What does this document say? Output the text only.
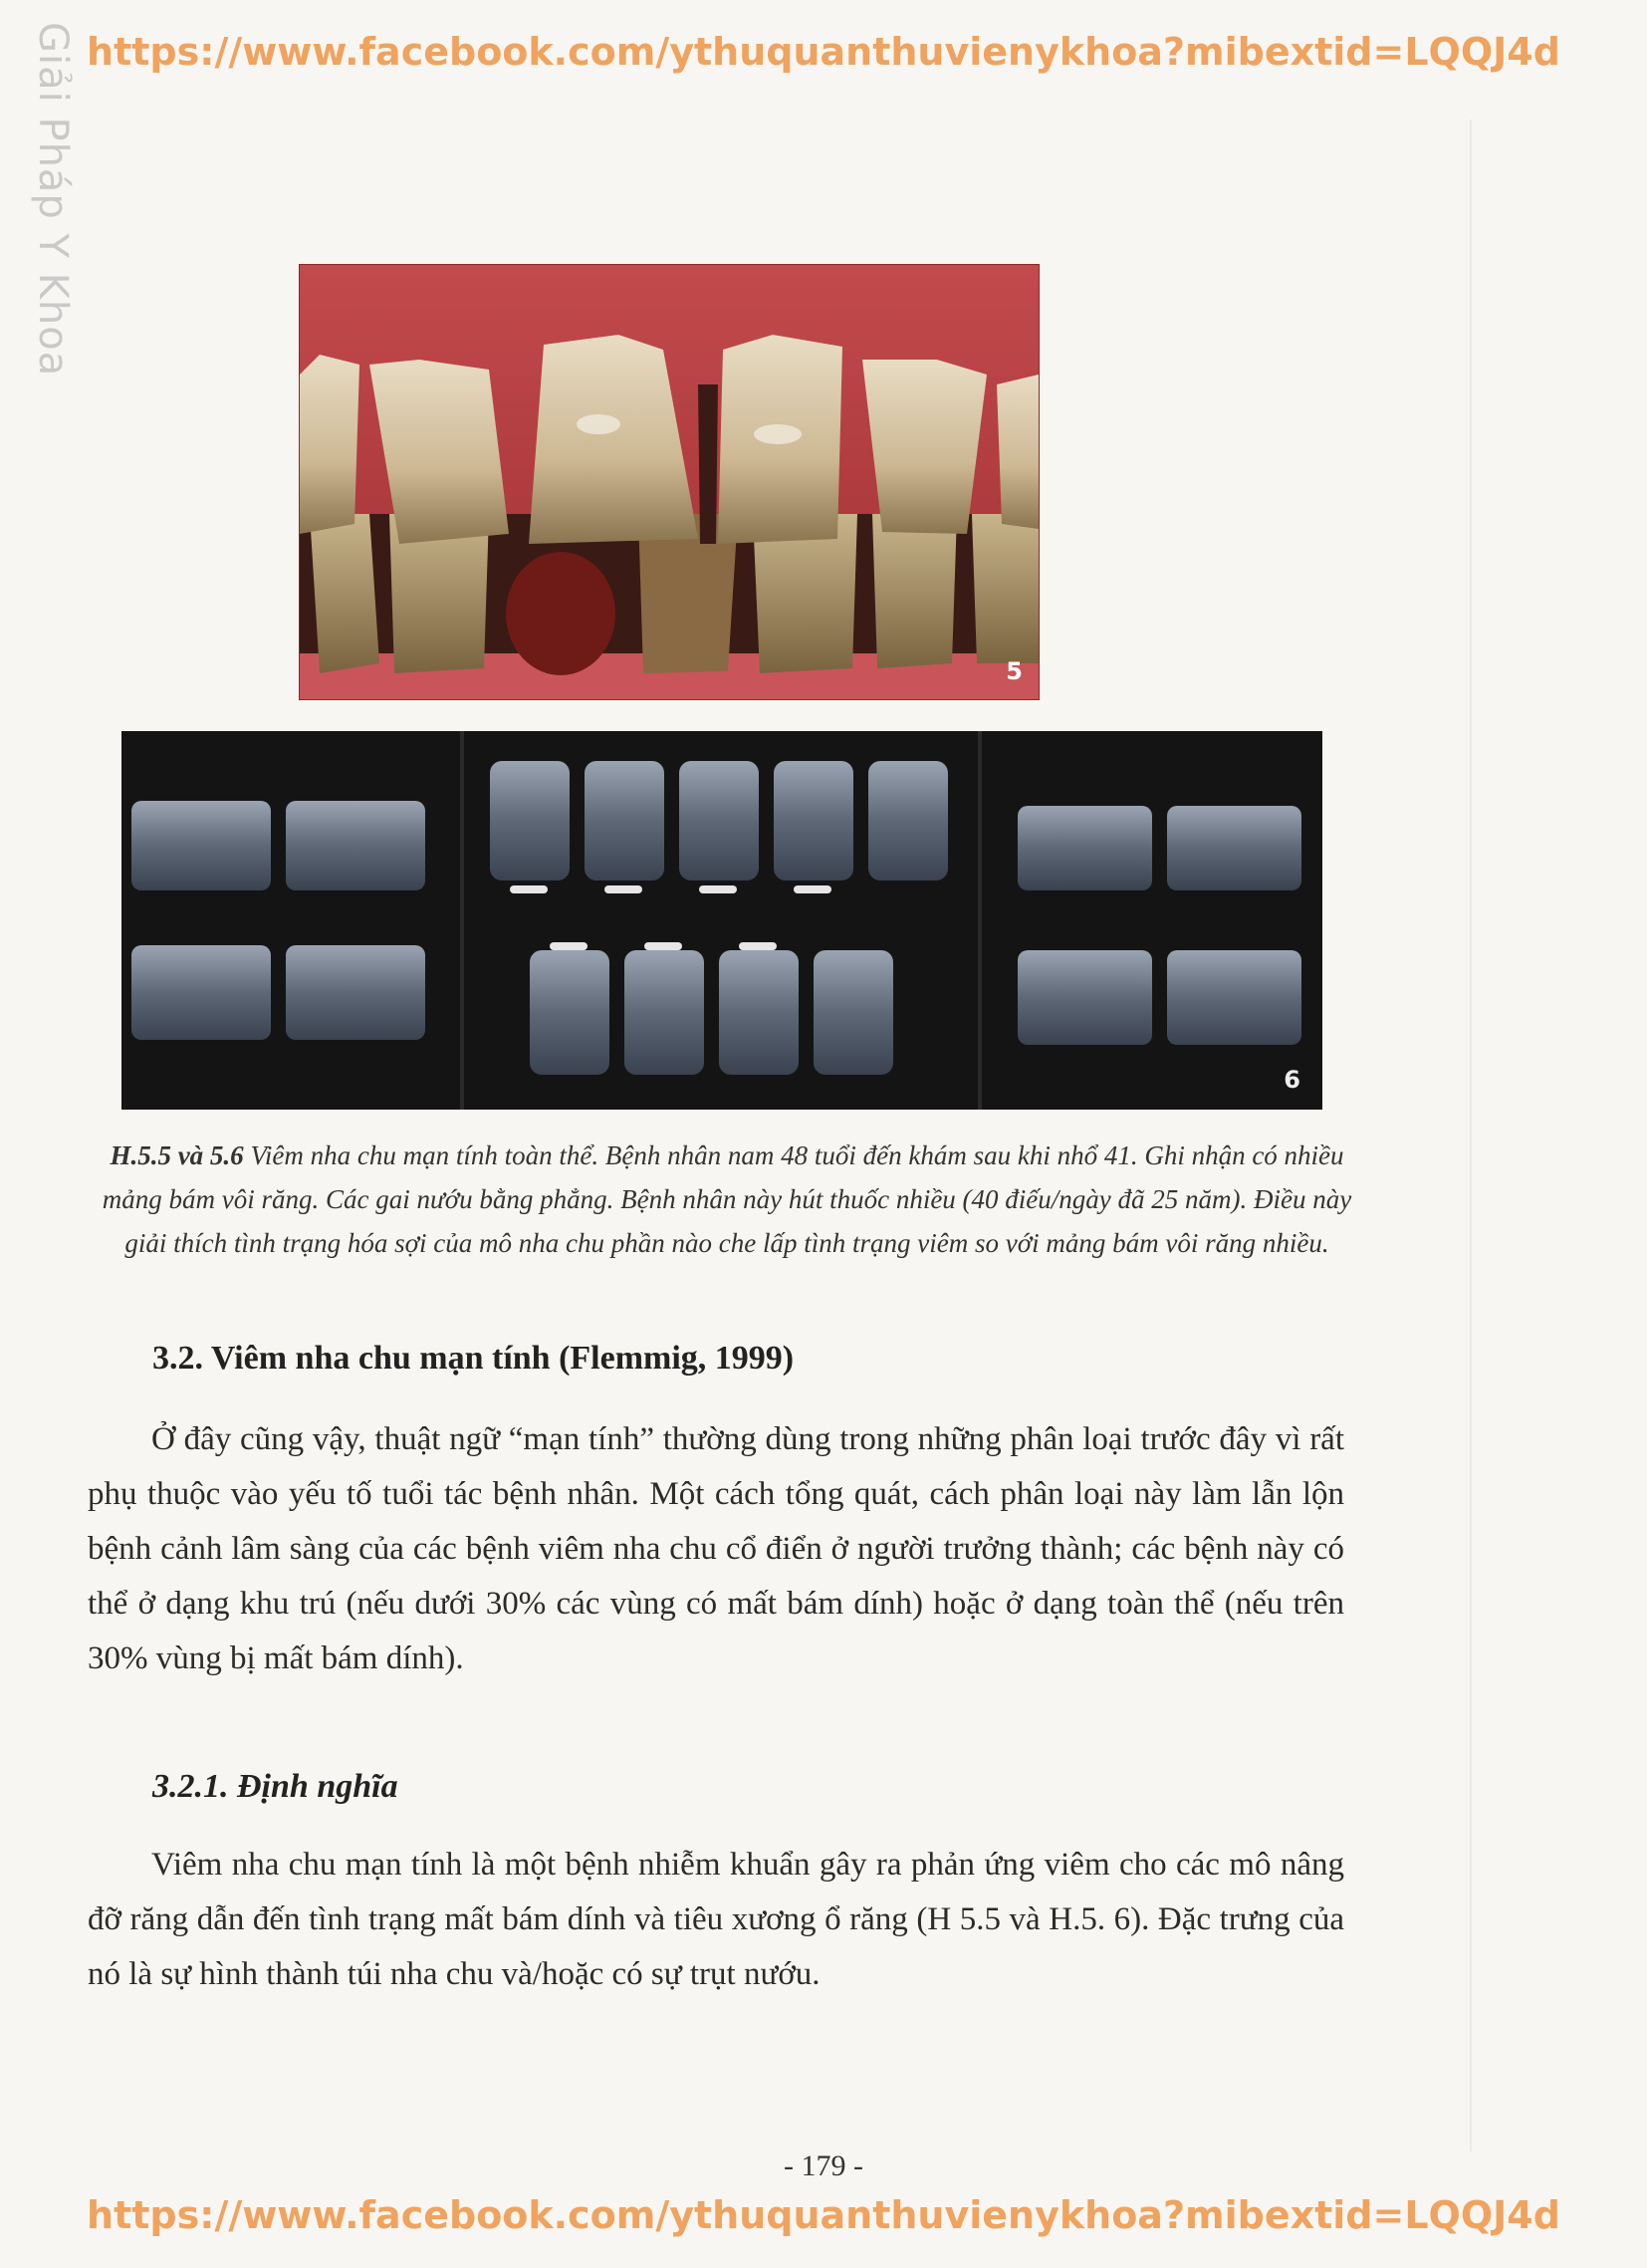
Giải Pháp Y Khoa https://www.facebook.com/ythuquanthuvienykhoa?mibextid=LQQJ4d
5
6
H.5.5 và 5.6 Viêm nha chu mạn tính toàn thể. Bệnh nhân nam 48 tuổi đến khám sau khi nhổ 41. Ghi nhận có nhiều mảng bám vôi răng. Các gai nướu bằng phẳng. Bệnh nhân này hút thuốc nhiều (40 điếu/ngày đã 25 năm). Điều này giải thích tình trạng hóa sợi của mô nha chu phần nào che lấp tình trạng viêm so với mảng bám vôi răng nhiều.
3.2. Viêm nha chu mạn tính (Flemmig, 1999)
Ở đây cũng vậy, thuật ngữ “mạn tính” thường dùng trong những phân loại trước đây vì rất phụ thuộc vào yếu tố tuổi tác bệnh nhân. Một cách tổng quát, cách phân loại này làm lẫn lộn bệnh cảnh lâm sàng của các bệnh viêm nha chu cổ điển ở người trưởng thành; các bệnh này có thể ở dạng khu trú (nếu dưới 30% các vùng có mất bám dính) hoặc ở dạng toàn thể (nếu trên 30% vùng bị mất bám dính).
3.2.1. Định nghĩa
Viêm nha chu mạn tính là một bệnh nhiễm khuẩn gây ra phản ứng viêm cho các mô nâng đỡ răng dẫn đến tình trạng mất bám dính và tiêu xương ổ răng (H 5.5 và H.5. 6). Đặc trưng của nó là sự hình thành túi nha chu và/hoặc có sự trụt nướu.
- 179 -
https://www.facebook.com/ythuquanthuvienykhoa?mibextid=LQQJ4d
